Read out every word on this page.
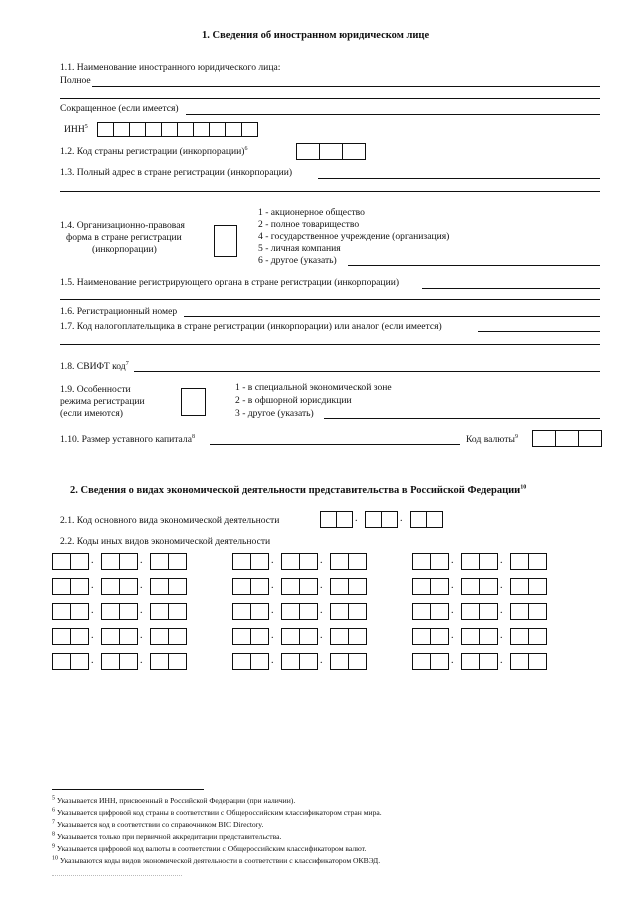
1. Сведения об иностранном юридическом лице
1.1. Наименование иностранного юридического лица:
Полное
Сокращенное (если имеется)
ИНН$^5$
1.2. Код страны регистрации (инкорпорации)$^6$
1.3. Полный адрес в стране регистрации (инкорпорации)
1.4. Организационно-правовая
форма в стране регистрации
(инкорпорации)
1 - акционерное общество
2 - полное товарищество
4 - государственное учреждение (организация)
5 - личная компания
6 - другое (указать)
1.5. Наименование регистрирующего органа в стране регистрации (инкорпорации)
1.6. Регистрационный номер
1.7. Код налогоплательщика в стране регистрации (инкорпорации) или аналог (если имеется)
1.8. СВИФТ код$^7$
1.9. Особенности
режима регистрации
(если имеются)
1 - в специальной экономической зоне
2 - в офшорной юрисдикции
3 - другое (указать)
1.10. Размер уставного капитала$^8$	Код валюты$^9$
2. Сведения о видах экономической деятельности представительства в Российской Федерации$^{10}$
2.1. Код основного вида экономической деятельности	.	.
2.2. Коды иных видов экономической деятельности
.	.	.	.	.	.
.	.	.	.	.	.
.	.	.	.	.	.
.	.	.	.	.	.
.	.	.	.	.	.
$^5$ Указывается ИНН, присвоенный в Российской Федерации (при наличии).
$^6$ Указывается цифровой код страны в соответствии с Общероссийским классификатором стран мира.
$^7$ Указывается код в соответствии со справочником BIC Directory.
$^8$ Указывается только при первичной аккредитации представительства.
$^9$ Указывается цифровой код валюты в соответствии с Общероссийским классификатором валют.
$^{10}$ Указываются коды видов экономической деятельности в соответствии с классификатором ОКВЭД.
